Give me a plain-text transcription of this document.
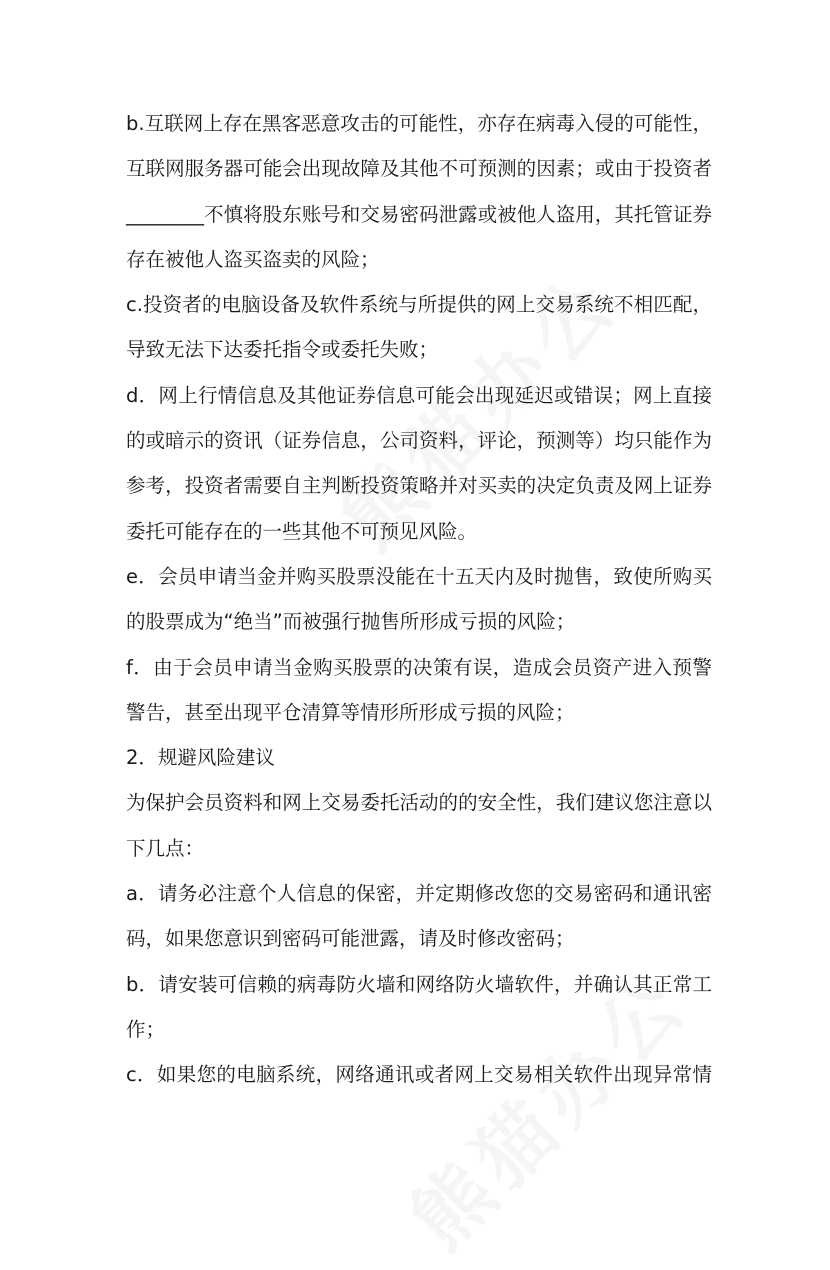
b.互联网上存在黑客恶意攻击的可能性，亦存在病毒入侵的可能性，
互联网服务器可能会出现故障及其他不可预测的因素；或由于投资者
________不慎将股东账号和交易密码泄露或被他人盗用，其托管证券
存在被他人盗买盗卖的风险；
c.投资者的电脑设备及软件系统与所提供的网上交易系统不相匹配，
导致无法下达委托指令或委托失败；
d．网上行情信息及其他证券信息可能会出现延迟或错误；网上直接
的或暗示的资讯（证券信息，公司资料，评论，预测等）均只能作为
参考，投资者需要自主判断投资策略并对买卖的决定负责及网上证券
委托可能存在的一些其他不可预见风险。
e．会员申请当金并购买股票没能在十五天内及时抛售，致使所购买
的股票成为“绝当”而被强行抛售所形成亏损的风险；
f．由于会员申请当金购买股票的决策有误，造成会员资产进入预警
警告，甚至出现平仓清算等情形所形成亏损的风险；
2．规避风险建议
为保护会员资料和网上交易委托活动的的安全性，我们建议您注意以
下几点：
a．请务必注意个人信息的保密，并定期修改您的交易密码和通讯密
码，如果您意识到密码可能泄露，请及时修改密码；
b．请安装可信赖的病毒防火墙和网络防火墙软件，并确认其正常工
作；
c．如果您的电脑系统，网络通讯或者网上交易相关软件出现异常情
